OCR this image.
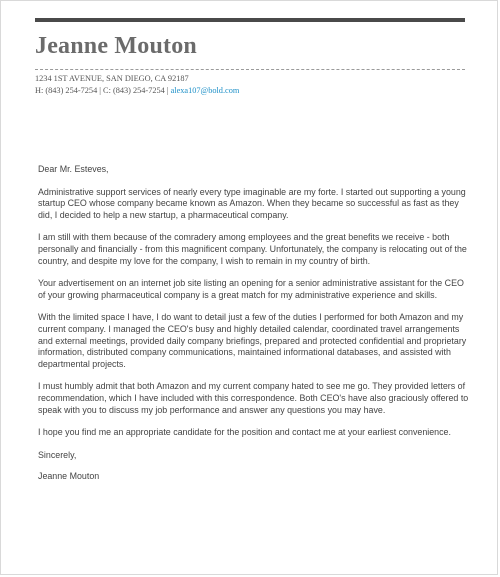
Jeanne Mouton
1234 1ST AVENUE, SAN DIEGO, CA 92187
H: (843) 254-7254 | C: (843) 254-7254 | alexa107@bold.com

Dear Mr. Esteves,

Administrative support services of nearly every type imaginable are my forte. I started out supporting a young startup CEO whose company became known as Amazon. When they became so successful as fast as they did, I decided to help a new startup, a pharmaceutical company.

I am still with them because of the comradery among employees and the great benefits we receive - both personally and financially - from this magnificent company. Unfortunately, the company is relocating out of the country, and despite my love for the company, I wish to remain in my country of birth.

Your advertisement on an internet job site listing an opening for a senior administrative assistant for the CEO of your growing pharmaceutical company is a great match for my administrative experience and skills.

With the limited space I have, I do want to detail just a few of the duties I performed for both Amazon and my current company. I managed the CEO's busy and highly detailed calendar, coordinated travel arrangements and external meetings, provided daily company briefings, prepared and protected confidential and proprietary information, distributed company communications, maintained informational databases, and assisted with departmental projects.

I must humbly admit that both Amazon and my current company hated to see me go. They provided letters of recommendation, which I have included with this correspondence. Both CEO's have also graciously offered to speak with you to discuss my job performance and answer any questions you may have.

I hope you find me an appropriate candidate for the position and contact me at your earliest convenience.

Sincerely,

Jeanne Mouton
